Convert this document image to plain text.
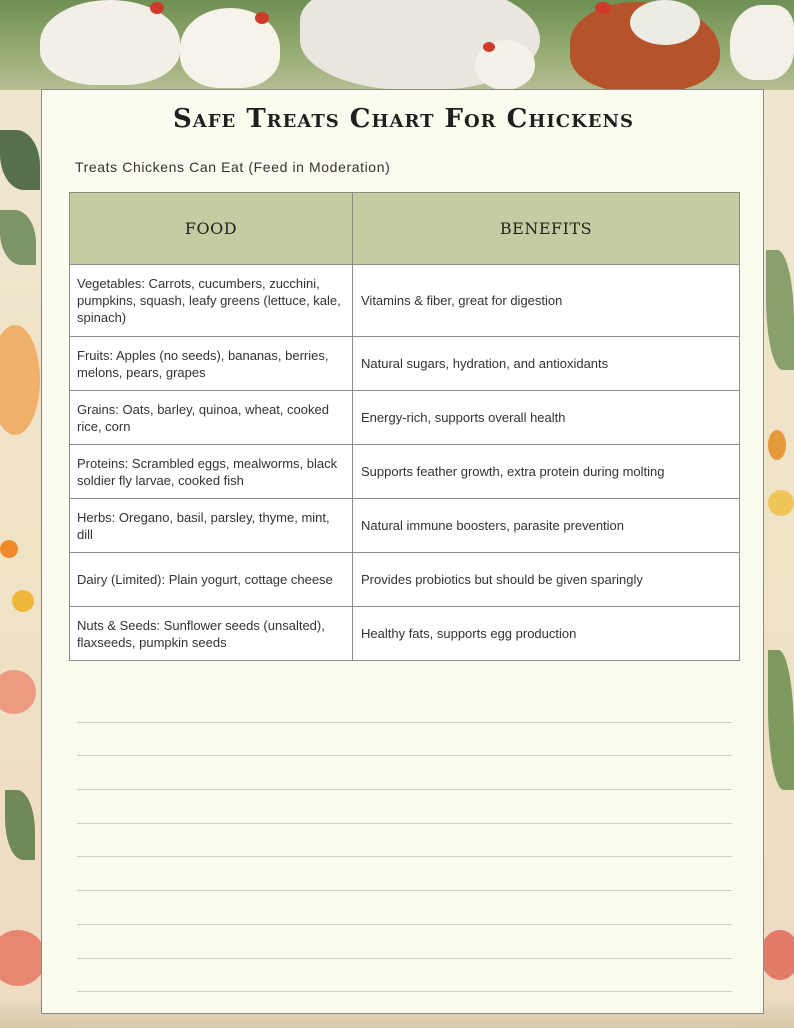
Safe Treats Chart For Chickens
Treats Chickens Can Eat (Feed in Moderation)
FOOD	BENEFITS
Vegetables: Carrots, cucumbers, zucchini, pumpkins, squash, leafy greens (lettuce, kale, spinach)	Vitamins & fiber, great for digestion
Fruits: Apples (no seeds), bananas, berries, melons, pears, grapes	Natural sugars, hydration, and antioxidants
Grains: Oats, barley, quinoa, wheat, cooked rice, corn	Energy-rich, supports overall health
Proteins: Scrambled eggs, mealworms, black soldier fly larvae, cooked fish	Supports feather growth, extra protein during molting
Herbs: Oregano, basil, parsley, thyme, mint, dill	Natural immune boosters, parasite prevention
Dairy (Limited): Plain yogurt, cottage cheese	Provides probiotics but should be given sparingly
Nuts & Seeds: Sunflower seeds (unsalted), flaxseeds, pumpkin seeds	Healthy fats, supports egg production
